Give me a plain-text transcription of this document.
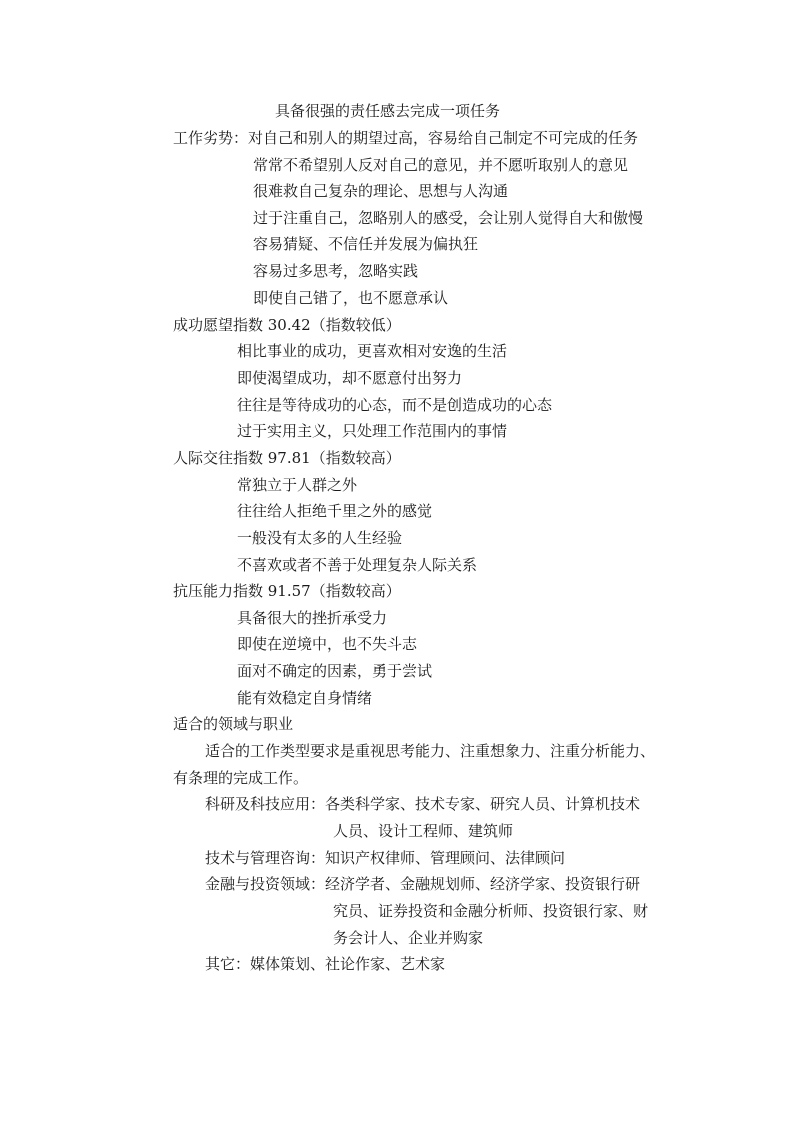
具备很强的责任感去完成一项任务
工作劣势：对自己和别人的期望过高，容易给自己制定不可完成的任务
常常不希望别人反对自己的意见，并不愿听取别人的意见
很难救自己复杂的理论、思想与人沟通
过于注重自己，忽略别人的感受，会让别人觉得自大和傲慢
容易猜疑、不信任并发展为偏执狂
容易过多思考，忽略实践
即使自己错了，也不愿意承认
成功愿望指数 30.42（指数较低）
相比事业的成功，更喜欢相对安逸的生活
即使渴望成功，却不愿意付出努力
往往是等待成功的心态，而不是创造成功的心态
过于实用主义，只处理工作范围内的事情
人际交往指数 97.81（指数较高）
常独立于人群之外
往往给人拒绝千里之外的感觉
一般没有太多的人生经验
不喜欢或者不善于处理复杂人际关系
抗压能力指数 91.57（指数较高）
具备很大的挫折承受力
即使在逆境中，也不失斗志
面对不确定的因素，勇于尝试
能有效稳定自身情绪
适合的领域与职业
适合的工作类型要求是重视思考能力、注重想象力、注重分析能力、
有条理的完成工作。
科研及科技应用：各类科学家、技术专家、研究人员、计算机技术
人员、设计工程师、建筑师
技术与管理咨询：知识产权律师、管理顾问、法律顾问
金融与投资领域：经济学者、金融规划师、经济学家、投资银行研
究员、证券投资和金融分析师、投资银行家、财
务会计人、企业并购家
其它：媒体策划、社论作家、艺术家
